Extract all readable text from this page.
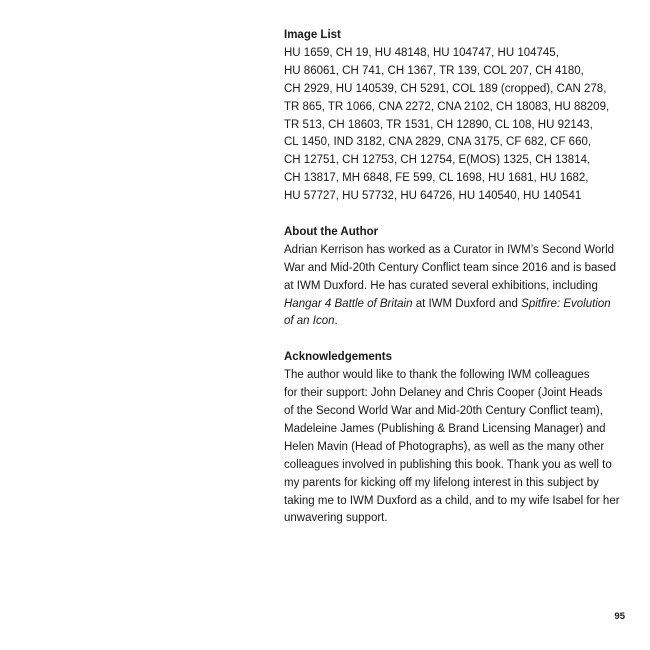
Image List
HU 1659, CH 19, HU 48148, HU 104747, HU 104745,
HU 86061, CH 741, CH 1367, TR 139, COL 207, CH 4180,
CH 2929, HU 140539, CH 5291, COL 189 (cropped), CAN 278,
TR 865, TR 1066, CNA 2272, CNA 2102, CH 18083, HU 88209,
TR 513, CH 18603, TR 1531, CH 12890, CL 108, HU 92143,
CL 1450, IND 3182, CNA 2829, CNA 3175, CF 682, CF 660,
CH 12751, CH 12753, CH 12754, E(MOS) 1325, CH 13814,
CH 13817, MH 6848, FE 599, CL 1698, HU 1681, HU 1682,
HU 57727, HU 57732, HU 64726, HU 140540, HU 140541
About the Author
Adrian Kerrison has worked as a Curator in IWM’s Second World
War and Mid-20th Century Conflict team since 2016 and is based
at IWM Duxford. He has curated several exhibitions, including
Hangar 4 Battle of Britain at IWM Duxford and Spitfire: Evolution
of an Icon.
Acknowledgements
The author would like to thank the following IWM colleagues
for their support: John Delaney and Chris Cooper (Joint Heads
of the Second World War and Mid-20th Century Conflict team),
Madeleine James (Publishing & Brand Licensing Manager) and
Helen Mavin (Head of Photographs), as well as the many other
colleagues involved in publishing this book. Thank you as well to
my parents for kicking off my lifelong interest in this subject by
taking me to IWM Duxford as a child, and to my wife Isabel for her
unwavering support.
95
